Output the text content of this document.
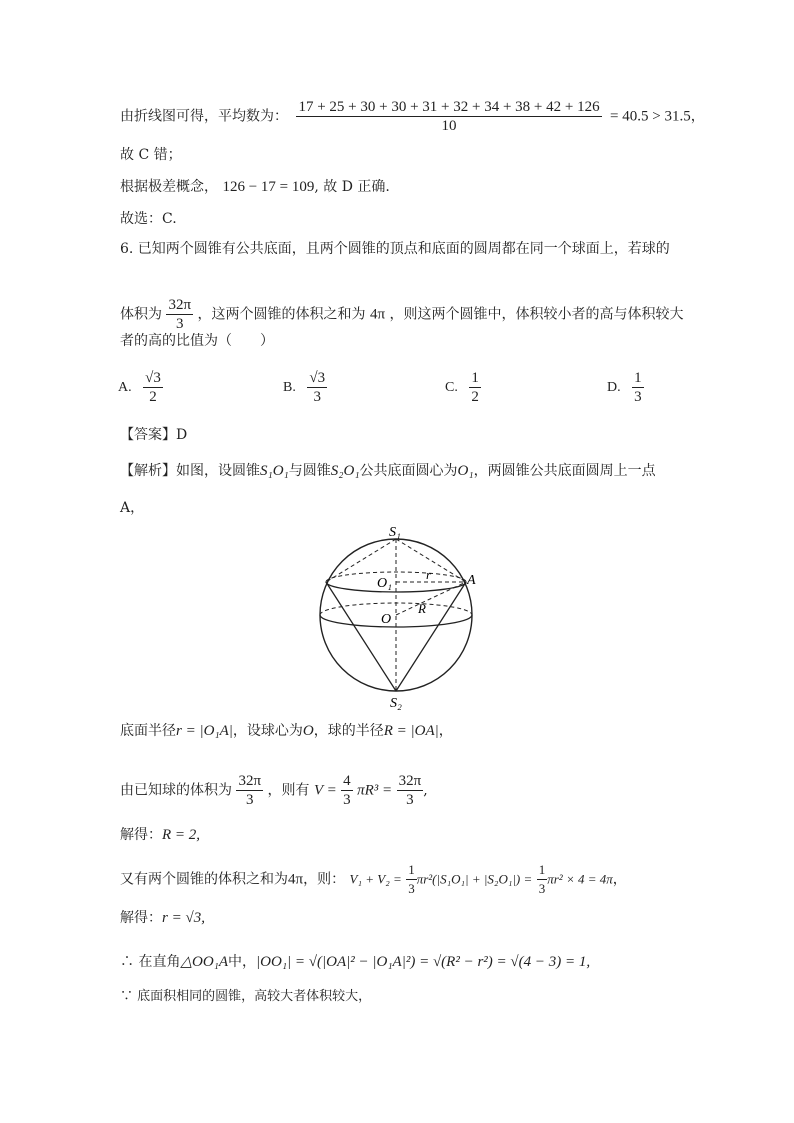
由折线图可得，平均数为： $\frac{17 + 25 + 30 + 30 + 31 + 32 + 34 + 38 + 42 + 126}{10} = 40.5 > 31.5$，
故 C 错；
根据极差概念， 126 − 17 = 109, 故 D 正确.
故选：C.
6. 已知两个圆锥有公共底面，且两个圆锥的顶点和底面的圆周都在同一个球面上，若球的
体积为 $\frac{32\pi}{3}$ ，这两个圆锥的体积之和为 4π ，则这两个圆锥中，体积较小者的高与体积较大
者的高的比值为（　　）
A. $\frac{√3}{2}$	B. $\frac{√3}{3}$	C. $\frac{1}{2}$	D. $\frac{1}{3}$
【答案】D
【解析】如图，设圆锥S₁O₁与圆锥S₂O₁公共底面圆心为O₁，两圆锥公共底面圆周上一点
A，
S₁
S₂
O₁
O
A
r
R
底面半径r = |O₁A|，设球心为O，球的半径R = |OA|，
由已知球的体积为 $\frac{32\pi}{3}$ ，则有 $V = \frac{4}{3} \pi R^3 = \frac{32\pi}{3}$ ,
解得：R = 2,
又有两个圆锥的体积之和为4π，则： $V_1 + V_2 = \frac{1}{3} \pi r^2(|S_1O_1| + |S_2O_1|) = \frac{1}{3} \pi r^2 \times 4 = 4\pi$，
解得：r = √3,
∴ 在直角△OO₁A中，|OO₁| = √(|OA|² − |O₁A|²) = √(R² − r²) = √(4 − 3) = 1,
∵ 底面积相同的圆锥，高较大者体积较大，
